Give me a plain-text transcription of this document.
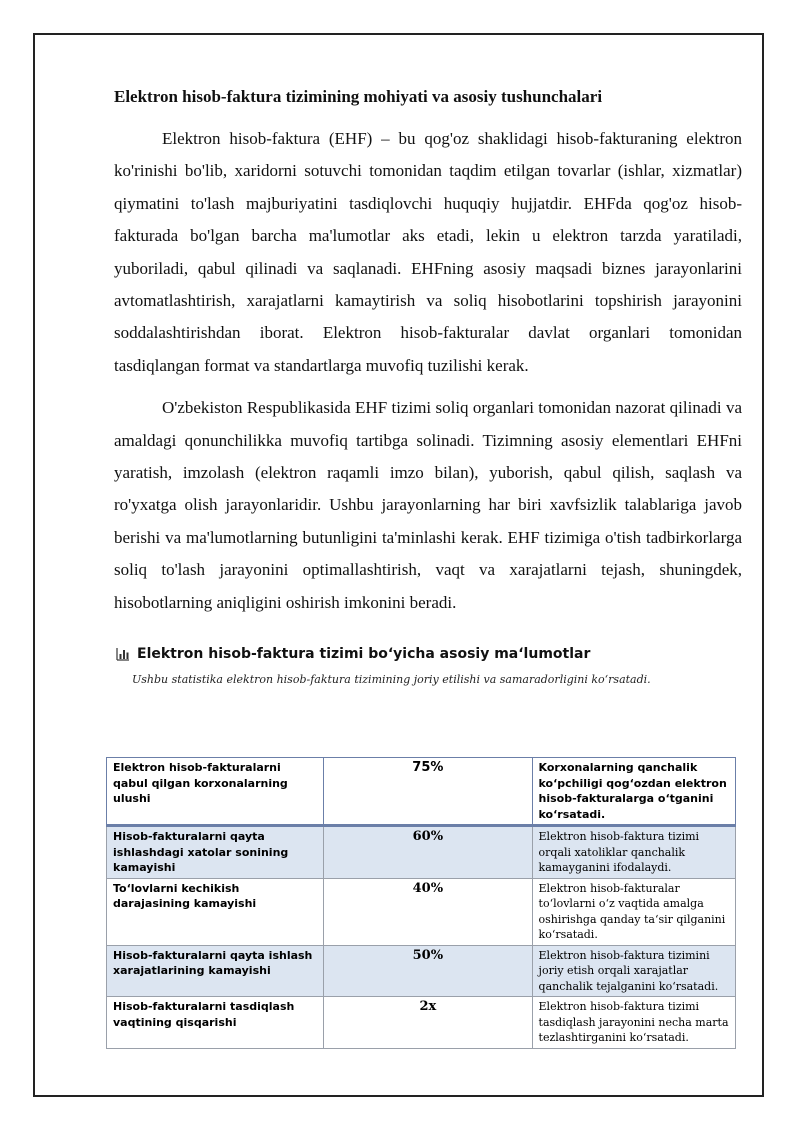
Elektron hisob-faktura tizimining mohiyati va asosiy tushunchalari

Elektron hisob-faktura (EHF) – bu qog'oz shaklidagi hisob-fakturaning elektron ko'rinishi bo'lib, xaridorni sotuvchi tomonidan taqdim etilgan tovarlar (ishlar, xizmatlar) qiymatini to'lash majburiyatini tasdiqlovchi huquqiy hujjatdir. EHFda qog'oz hisob-fakturada bo'lgan barcha ma'lumotlar aks etadi, lekin u elektron tarzda yaratiladi, yuboriladi, qabul qilinadi va saqlanadi. EHFning asosiy maqsadi biznes jarayonlarini avtomatlashtirish, xarajatlarni kamaytirish va soliq hisobotlarini topshirish jarayonini soddalashtirishdan iborat. Elektron hisob-fakturalar davlat organlari tomonidan tasdiqlangan format va standartlarga muvofiq tuzilishi kerak.

O'zbekiston Respublikasida EHF tizimi soliq organlari tomonidan nazorat qilinadi va amaldagi qonunchilikka muvofiq tartibga solinadi. Tizimning asosiy elementlari EHFni yaratish, imzolash (elektron raqamli imzo bilan), yuborish, qabul qilish, saqlash va ro'yxatga olish jarayonlaridir. Ushbu jarayonlarning har biri xavfsizlik talablariga javob berishi va ma'lumotlarning butunligini ta'minlashi kerak. EHF tizimiga o'tish tadbirkorlarga soliq to'lash jarayonini optimallashtirish, vaqt va xarajatlarni tejash, shuningdek, hisobotlarning aniqligini oshirish imkonini beradi.

Elektron hisob-faktura tizimi bo‘yicha asosiy ma‘lumotlar
Ushbu statistika elektron hisob-faktura tizimining joriy etilishi va samaradorligini ko‘rsatadi.
Elektron hisob-fakturalarni qabul qilgan korxonalarning ulushi	75%	Korxonalarning qanchalik ko‘pchiligi qog‘ozdan elektron hisob-fakturalarga o‘tganini ko‘rsatadi.
Hisob-fakturalarni qayta ishlashdagi xatolar sonining kamayishi	60%	Elektron hisob-faktura tizimi orqali xatoliklar qanchalik kamayganini ifodalaydi.
To‘lovlarni kechikish darajasining kamayishi	40%	Elektron hisob-fakturalar to‘lovlarni o‘z vaqtida amalga oshirishga qanday ta‘sir qilganini ko‘rsatadi.
Hisob-fakturalarni qayta ishlash xarajatlarining kamayishi	50%	Elektron hisob-faktura tizimini joriy etish orqali xarajatlar qanchalik tejalganini ko‘rsatadi.
Hisob-fakturalarni tasdiqlash vaqtining qisqarishi	2x	Elektron hisob-faktura tizimi tasdiqlash jarayonini necha marta tezlashtirganini ko‘rsatadi.
